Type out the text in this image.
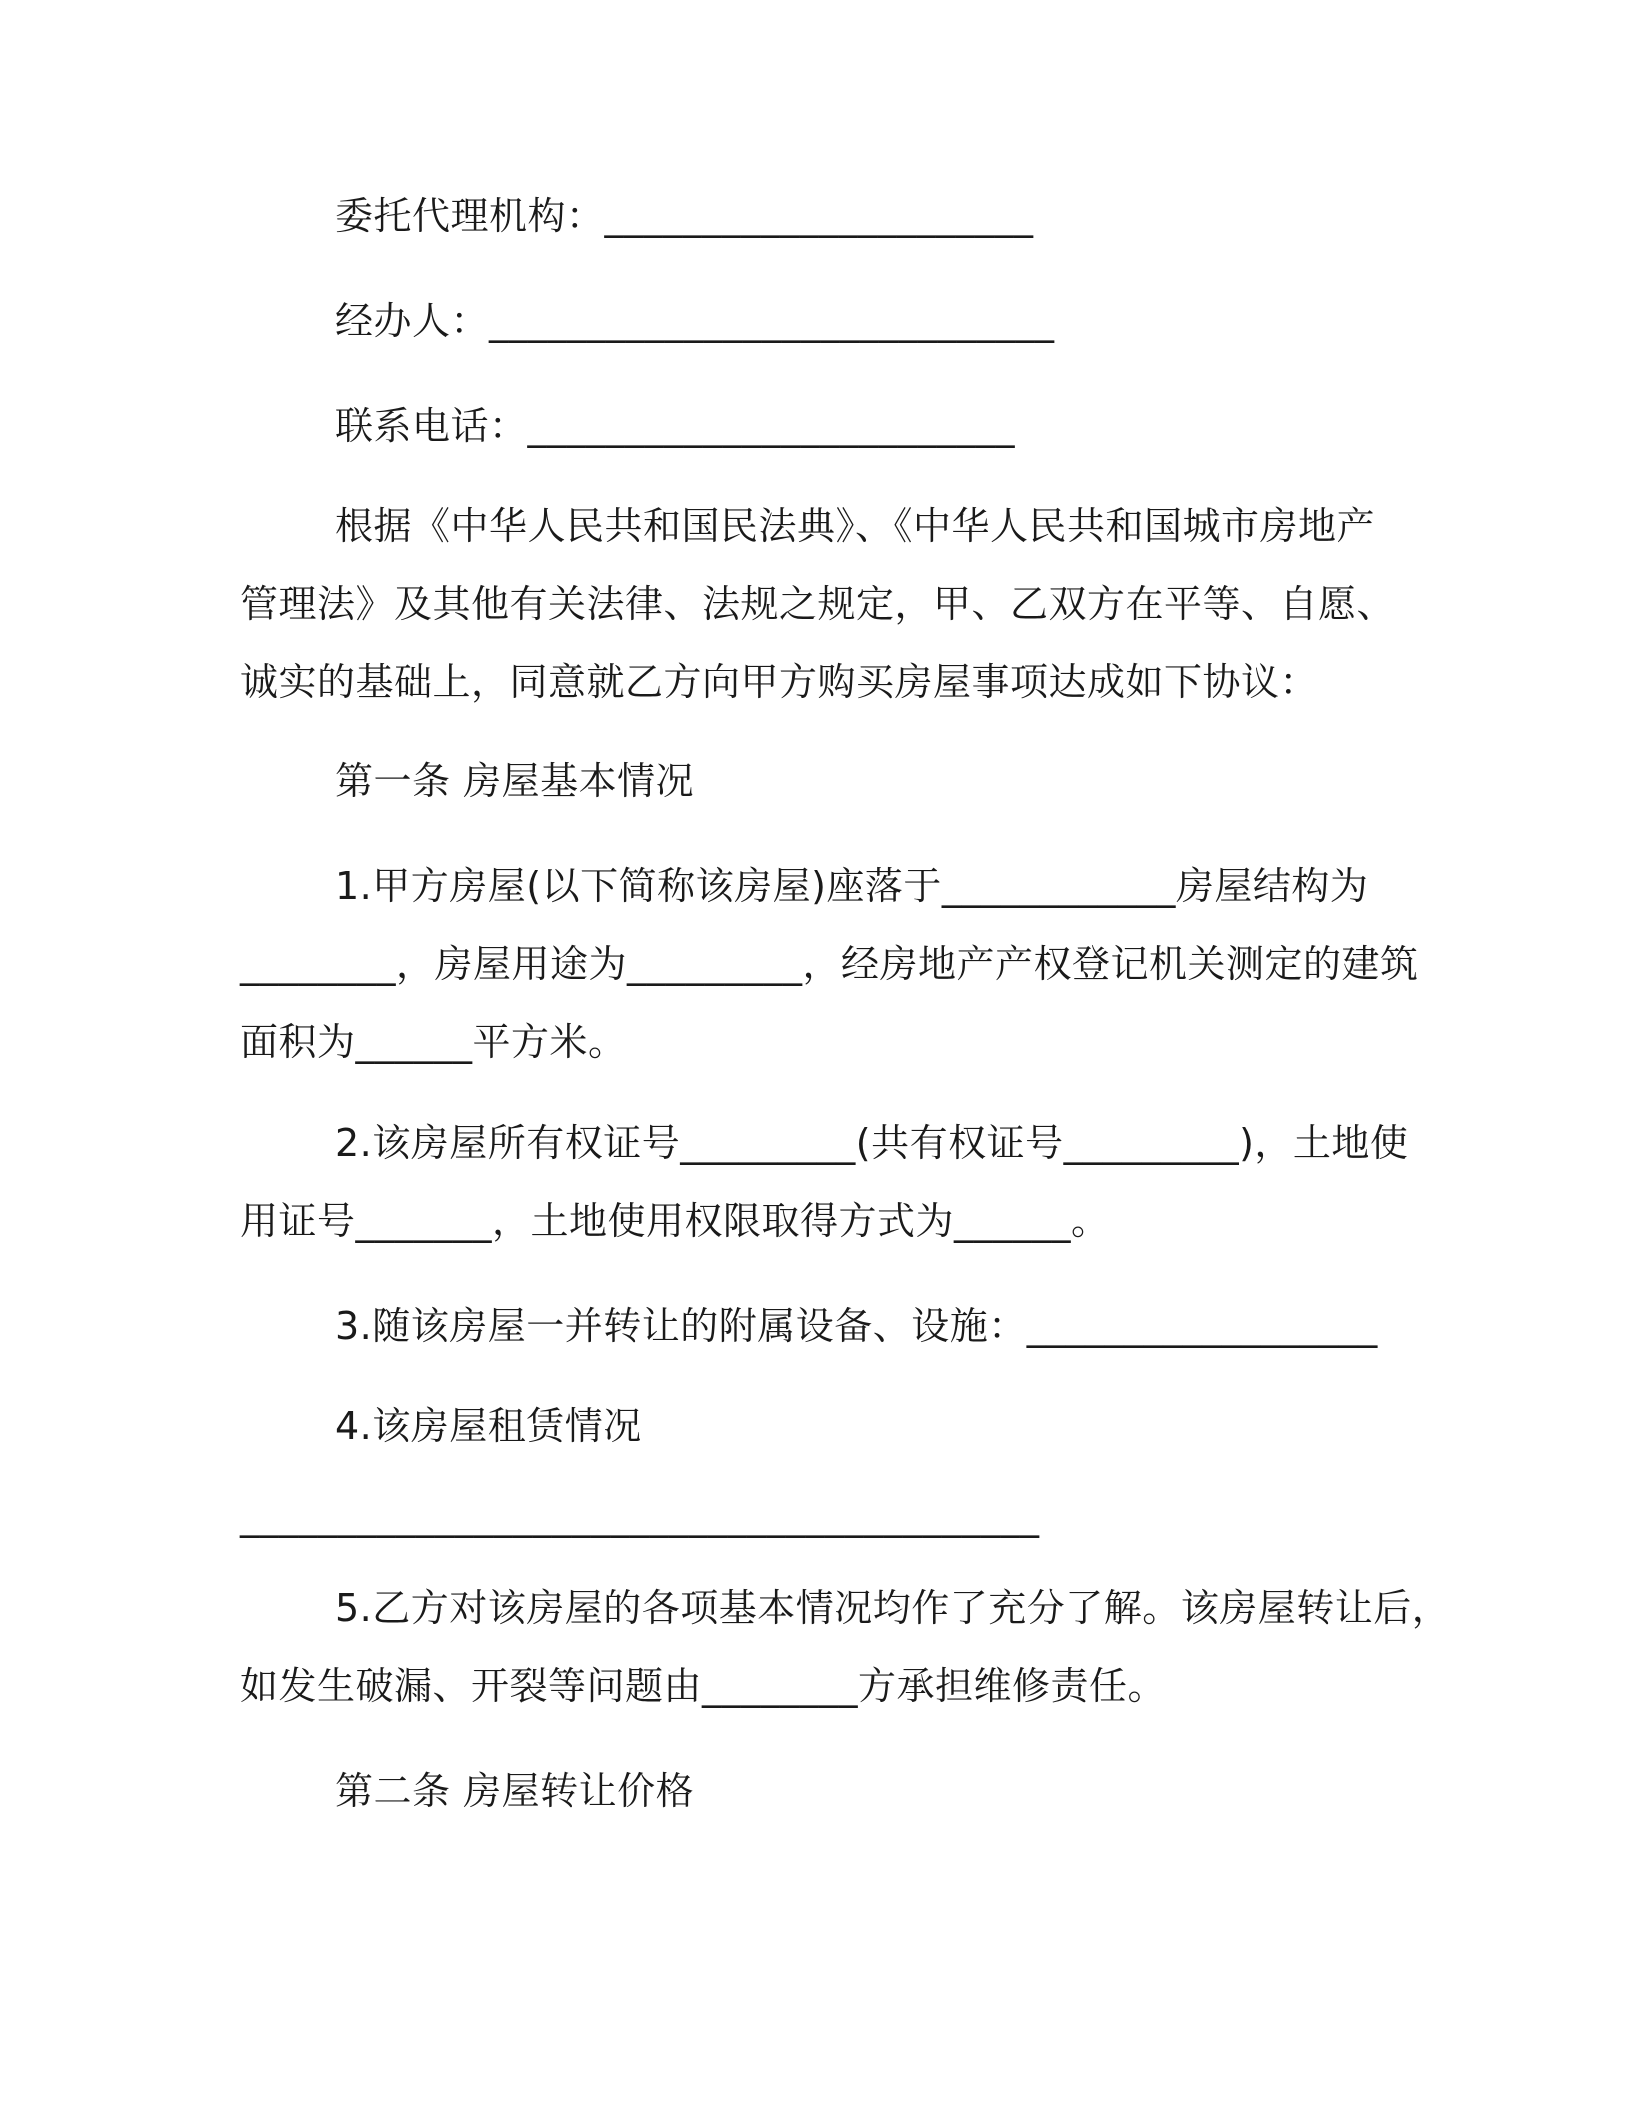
委托代理机构：______________________
经办人：_____________________________
联系电话：_________________________
根据《中华人民共和国民法典》、《中华人民共和国城市房地产
管理法》及其他有关法律、法规之规定，甲、乙双方在平等、自愿、
诚实的基础上，同意就乙方向甲方购买房屋事项达成如下协议：
第一条 房屋基本情况
1.甲方房屋(以下简称该房屋)座落于____________房屋结构为
________，房屋用途为_________，经房地产产权登记机关测定的建筑
面积为______平方米。
2.该房屋所有权证号_________(共有权证号_________)，土地使
用证号_______，土地使用权限取得方式为______。
3.随该房屋一并转让的附属设备、设施：__________________
4.该房屋租赁情况
_________________________________________
5.乙方对该房屋的各项基本情况均作了充分了解。该房屋转让后，
如发生破漏、开裂等问题由________方承担维修责任。
第二条 房屋转让价格
